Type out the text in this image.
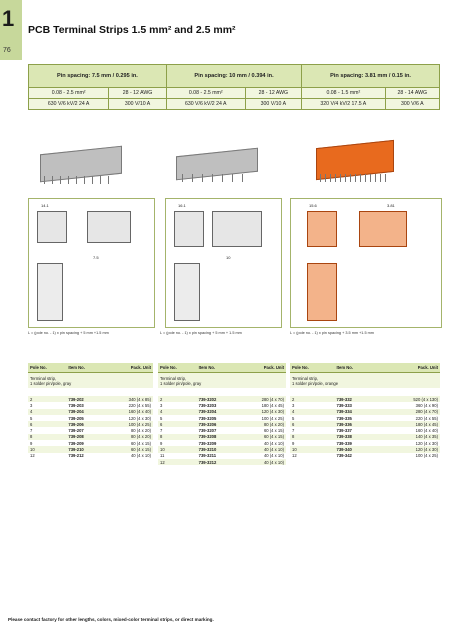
1
76
PCB Terminal Strips 1.5 mm² and 2.5 mm²
Pin spacing: 7.5 mm / 0.295 in.		Pin spacing: 10 mm / 0.394 in.		Pin spacing: 3.81 mm / 0.15 in.	
0.08 - 2.5 mm²	28 - 12 AWG	0.08 - 2.5 mm²	28 - 12 AWG	0.08 - 1.5 mm²	28 - 14 AWG
630 V/6 kV/2 24 A	300 V/10 A	630 V/6 kV/2 24 A	300 V/10 A	320 V/4 kV/2 17.5 A	300 V/6 A
14.1
7.5
16.1
10
15.6	3.81
L = (pole no. - 1) x pin spacing + 5 mm +1.5 mm	L = (pole no. - 1) x pin spacing + 5 mm + 1.5 mm	L = (pole no. - 1) x pin spacing + 3.5 mm +1.5 mm
Pole No.	Item No.	Pack. Unit
Terminal strip,
1 solder pin/pole, gray		

2	739-202	340 (4 x 85)
3	739-203	220 (4 x 55)
4	739-204	160 (4 x 40)
5	739-205	120 (4 x 30)
6	739-206	100 (4 x 25)
7	739-207	80 (4 x 20)
8	739-208	80 (4 x 20)
9	739-209	60 (4 x 15)
10	739-210	60 (4 x 15)
12	739-212	40 (4 x 10)
Pole No.	Item No.	Pack. Unit
Terminal strip,
1 solder pin/pole, gray		

2	739-3202	280 (4 x 70)
3	739-3203	180 (4 x 45)
4	739-3204	120 (4 x 30)
5	739-3205	100 (4 x 25)
6	739-3206	80 (4 x 20)
7	739-3207	60 (4 x 15)
8	739-3208	60 (4 x 15)
9	739-3209	40 (4 x 10)
10	739-3210	40 (4 x 10)
11	739-3211	40 (4 x 10)
12	739-3212	40 (4 x 10)
Pole No.	Item No.	Pack. Unit
Terminal strip,
1 solder pin/pole, orange		

2	739-332	520 (4 x 130)
3	739-333	360 (4 x 90)
4	739-334	280 (4 x 70)
5	739-335	220 (4 x 55)
6	739-336	180 (4 x 45)
7	739-337	160 (4 x 40)
8	739-338	140 (4 x 35)
9	739-339	120 (4 x 30)
10	739-340	120 (4 x 30)
12	739-342	100 (4 x 25)
Please contact factory for other lengths, colors, mixed-color terminal strips, or direct marking.
